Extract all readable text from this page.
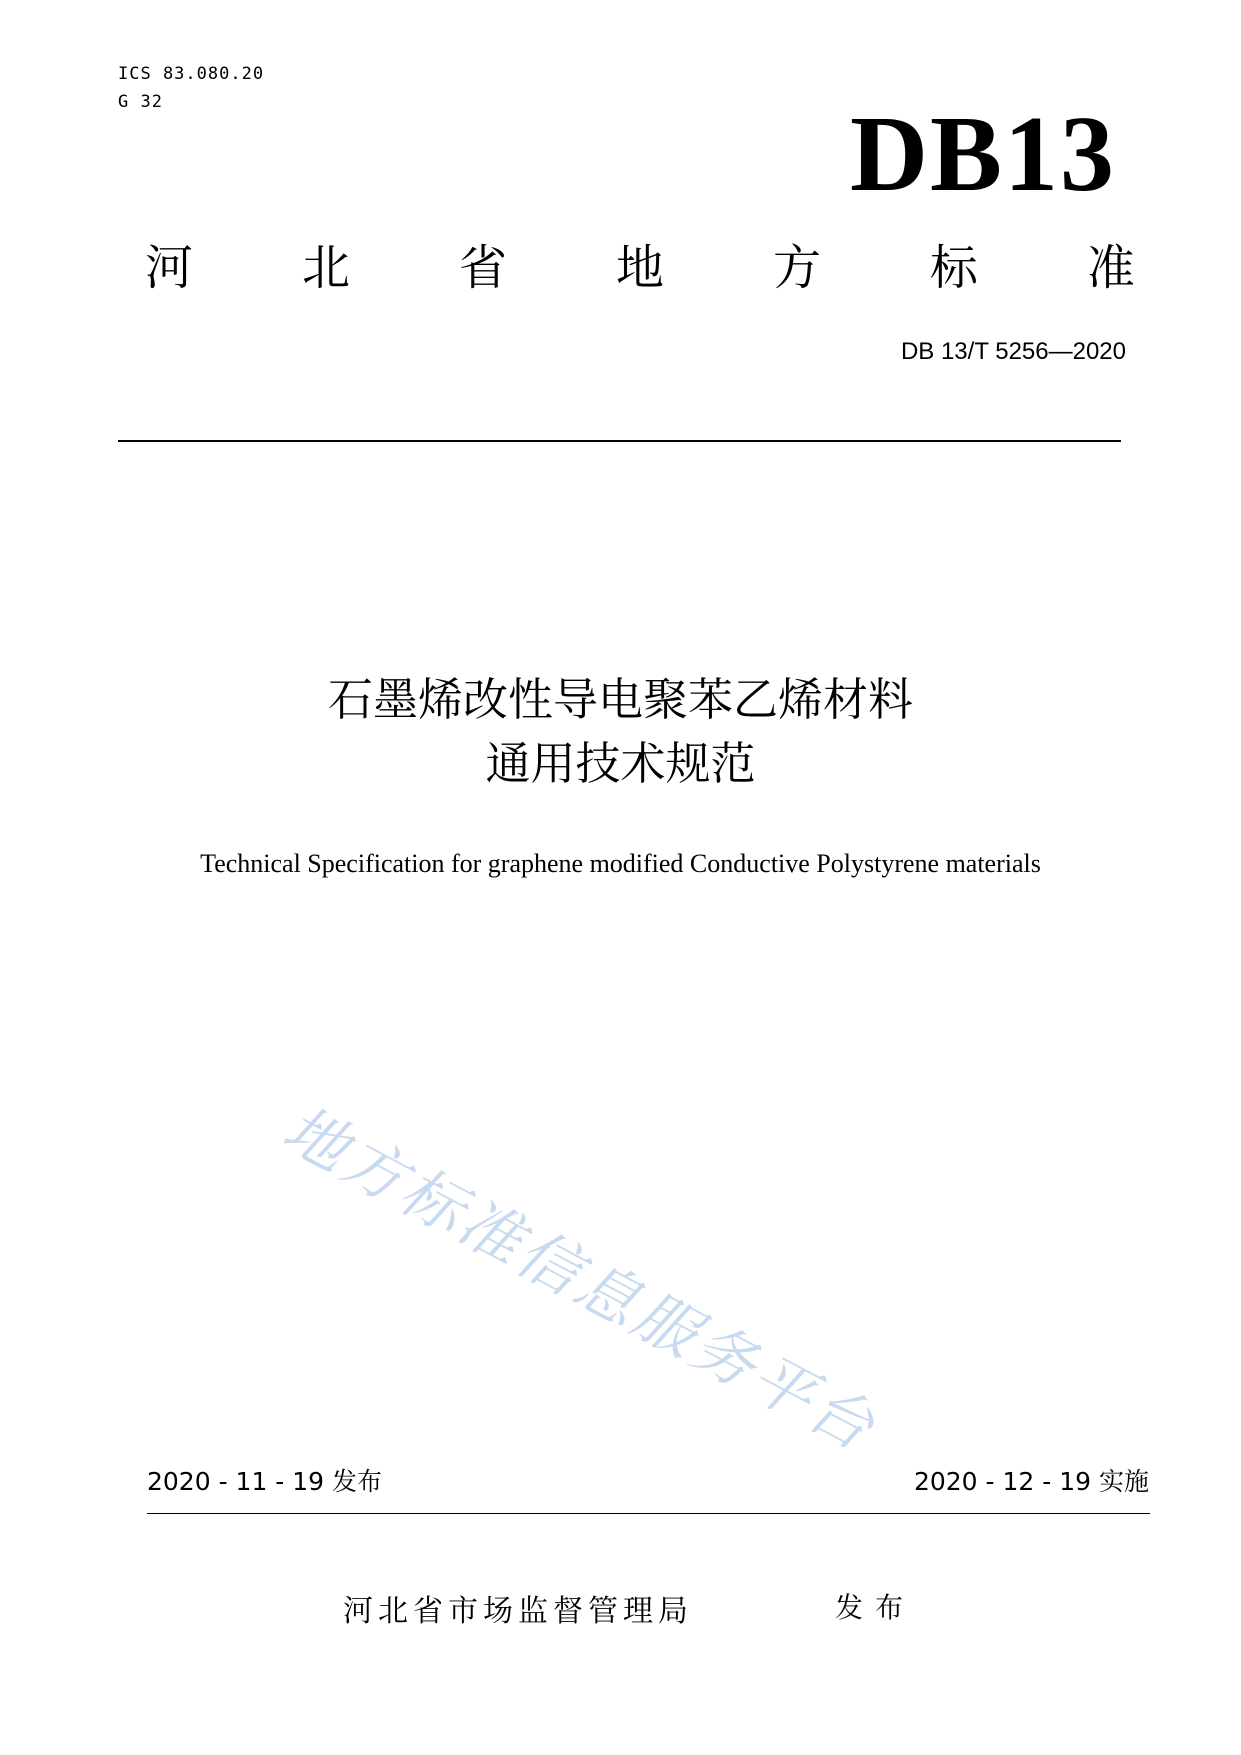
ICS 83.080.20
G 32	DB13
河 北 省 地 方 标 准
DB 13/T 5256—2020
石墨烯改性导电聚苯乙烯材料
通用技术规范
Technical Specification for graphene modified Conductive Polystyrene materials
地方标准信息服务平台
2020 - 11 - 19 发布	2020 - 12 - 19 实施
河北省市场监督管理局	发布
